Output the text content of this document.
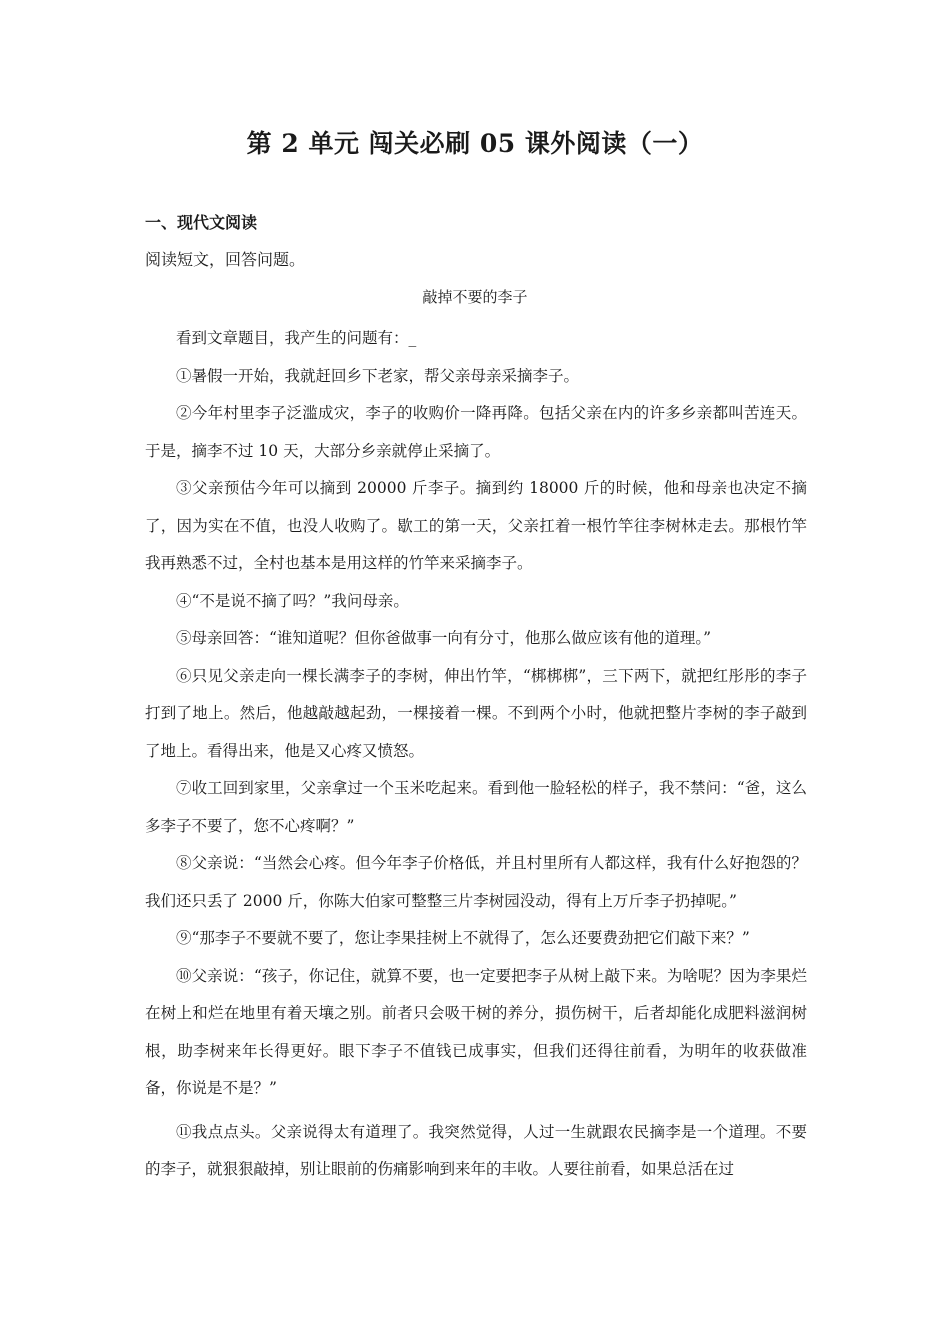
第 2 单元 闯关必刷 05 课外阅读（一）
一、现代文阅读

阅读短文，回答问题。

敲掉不要的李子

看到文章题目，我产生的问题有：_

①暑假一开始，我就赶回乡下老家，帮父亲母亲采摘李子。

②今年村里李子泛滥成灾，李子的收购价一降再降。包括父亲在内的许多乡亲都叫苦连天。于是，摘李不过 10 天，大部分乡亲就停止采摘了。

③父亲预估今年可以摘到 20000 斤李子。摘到约 18000 斤的时候，他和母亲也决定不摘了，因为实在不值，也没人收购了。歇工的第一天，父亲扛着一根竹竿往李树林走去。那根竹竿我再熟悉不过，全村也基本是用这样的竹竿来采摘李子。

④“不是说不摘了吗？”我问母亲。

⑤母亲回答：“谁知道呢？但你爸做事一向有分寸，他那么做应该有他的道理。”

⑥只见父亲走向一棵长满李子的李树，伸出竹竿，“梆梆梆”，三下两下，就把红彤彤的李子打到了地上。然后，他越敲越起劲，一棵接着一棵。不到两个小时，他就把整片李树的李子敲到了地上。看得出来，他是又心疼又愤怒。

⑦收工回到家里，父亲拿过一个玉米吃起来。看到他一脸轻松的样子，我不禁问：“爸，这么多李子不要了，您不心疼啊？”

⑧父亲说：“当然会心疼。但今年李子价格低，并且村里所有人都这样，我有什么好抱怨的？我们还只丢了 2000 斤，你陈大伯家可整整三片李树园没动，得有上万斤李子扔掉呢。”

⑨“那李子不要就不要了，您让李果挂树上不就得了，怎么还要费劲把它们敲下来？”

⑩父亲说：“孩子，你记住，就算不要，也一定要把李子从树上敲下来。为啥呢？因为李果烂在树上和烂在地里有着天壤之别。前者只会吸干树的养分，损伤树干，后者却能化成肥料滋润树根，助李树来年长得更好。眼下李子不值钱已成事实，但我们还得往前看，为明年的收获做准备，你说是不是？”

⑪我点点头。父亲说得太有道理了。我突然觉得，人过一生就跟农民摘李是一个道理。不要的李子，就狠狠敲掉，别让眼前的伤痛影响到来年的丰收。人要往前看，如果总活在过
